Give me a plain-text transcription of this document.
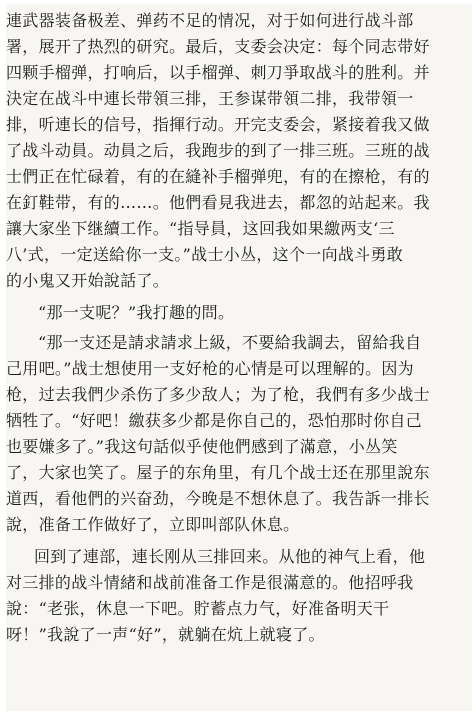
連武器装备极差、弹药不足的情况，对于如何进行战斗部
署，展开了热烈的研究。最后，支委会决定：每个同志带好
四颗手榴弹，打响后，以手榴弹、刺刀爭取战斗的胜利。并
決定在战斗中連长带領三排，王参谋带領二排，我带領一
排，听連长的信号，指揮行动。开完支委会，紧接着我又做
了战斗动員。动員之后，我跑步的到了一排三班。三班的战
士們正在忙碌着，有的在縫补手榴弹兜，有的在擦枪，有的
在釘鞋带，有的……。他們看見我进去，都忽的站起来。我
讓大家坐下继續工作。“指导員，这回我如果繳两支‘三
八’式，一定送給你一支。”战士小丛，这个一向战斗勇敢
的小鬼又开始說話了。
“那一支呢？”我打趣的問。
“那一支还是請求請求上級，不要給我調去，留給我自
己用吧。”战士想使用一支好枪的心情是可以理解的。因为
枪，过去我們少杀伤了多少敌人；为了枪，我們有多少战士
牺牲了。“好吧！繳获多少都是你自己的，恐怕那时你自己
也要嫌多了。”我这句話似乎使他們感到了滿意，小丛笑
了，大家也笑了。屋子的东角里，有几个战士还在那里說东
道西，看他們的兴奋劲，今晚是不想休息了。我告訴一排长
說，准备工作做好了，立即叫部队休息。
回到了連部，連长刚从三排回来。从他的神气上看，他
对三排的战斗情緒和战前准备工作是很滿意的。他招呼我
說：“老张，休息一下吧。貯蓄点力气，好准备明天干
呀！”我說了一声“好”，就躺在炕上就寝了。
